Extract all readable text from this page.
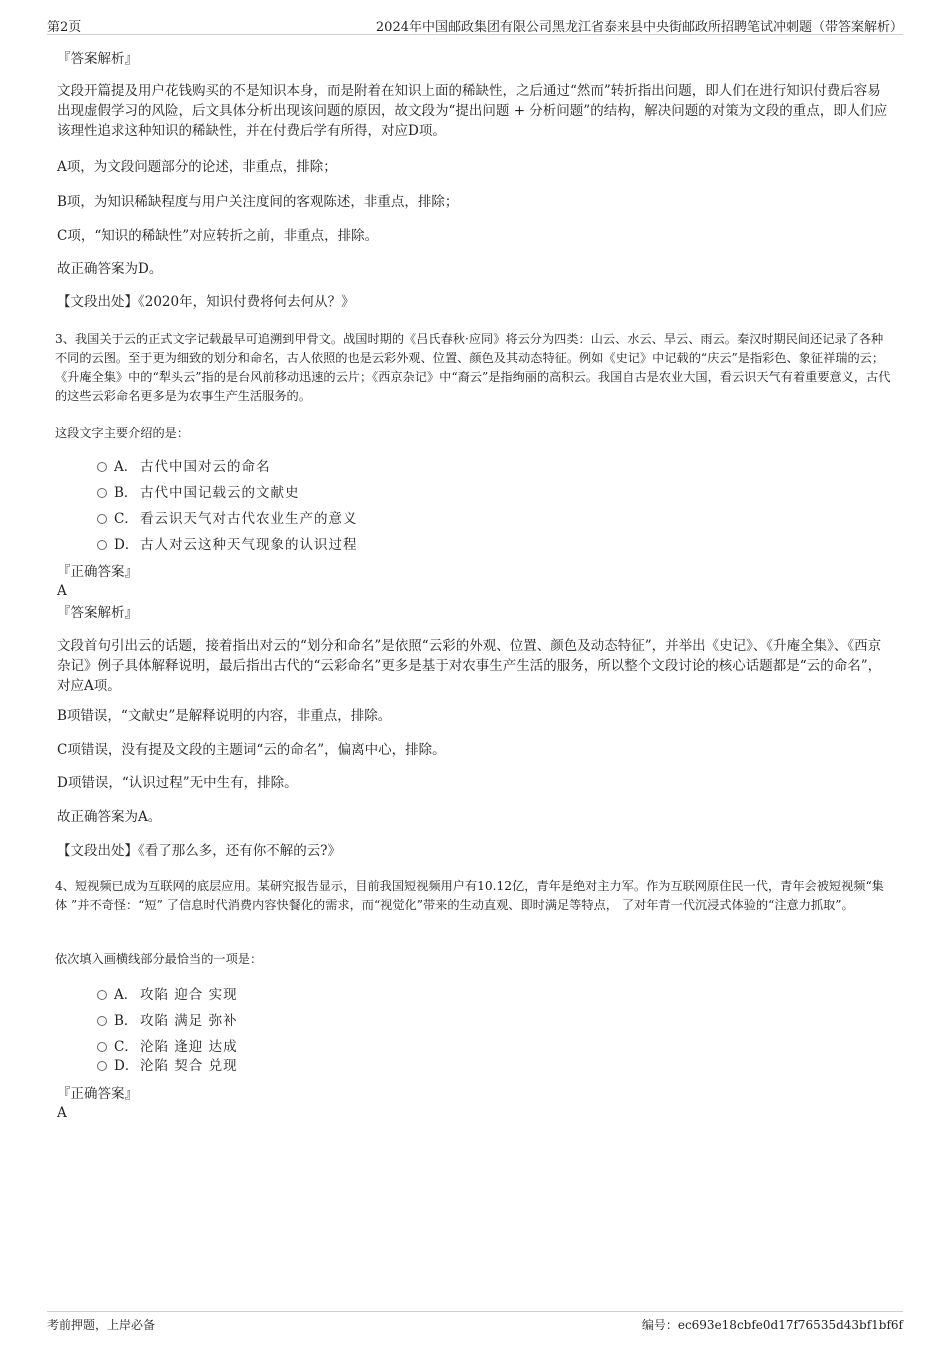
第2页	2024年中国邮政集团有限公司黑龙江省泰来县中央街邮政所招聘笔试冲刺题（带答案解析）

『答案解析』

文段开篇提及用户花钱购买的不是知识本身，而是附着在知识上面的稀缺性，之后通过“然而”转折指出问题，即人们在进行知识付费后容易出现虚假学习的风险，后文具体分析出现该问题的原因，故文段为“提出问题 + 分析问题”的结构，解决问题的对策为文段的重点，即人们应该理性追求这种知识的稀缺性，并在付费后学有所得，对应D项。

A项，为文段问题部分的论述，非重点，排除；

B项，为知识稀缺程度与用户关注度间的客观陈述，非重点，排除；

C项，“知识的稀缺性”对应转折之前，非重点，排除。

故正确答案为D。

【文段出处】《2020年，知识付费将何去何从？》

3、我国关于云的正式文字记载最早可追溯到甲骨文。战国时期的《吕氏春秋·应同》将云分为四类：山云、水云、旱云、雨云。秦汉时期民间还记录了各种不同的云图。至于更为细致的划分和命名，古人依照的也是云彩外观、位置、颜色及其动态特征。例如《史记》中记载的“庆云”是指彩色、象征祥瑞的云；《升庵全集》中的“犁头云”指的是台风前移动迅速的云片；《西京杂记》中“裔云”是指绚丽的高积云。我国自古是农业大国，看云识天气有着重要意义，古代的这些云彩命名更多是为农事生产生活服务的。

这段文字主要介绍的是：

A． 古代中国对云的命名
B． 古代中国记载云的文献史
C． 看云识天气对古代农业生产的意义
D． 古人对云这种天气现象的认识过程

『正确答案』

A

『答案解析』

文段首句引出云的话题，接着指出对云的“划分和命名”是依照“云彩的外观、位置、颜色及动态特征”，并举出《史记》、《升庵全集》、《西京杂记》例子具体解释说明，最后指出古代的“云彩命名”更多是基于对农事生产生活的服务，所以整个文段讨论的核心话题都是“云的命名”，对应A项。

B项错误，“文献史”是解释说明的内容，非重点，排除。

C项错误，没有提及文段的主题词“云的命名”，偏离中心，排除。

D项错误，“认识过程”无中生有，排除。

故正确答案为A。

【文段出处】《看了那么多，还有你不解的云?》

4、短视频已成为互联网的底层应用。某研究报告显示，目前我国短视频用户有10.12亿，青年是绝对主力军。作为互联网原住民一代，青年会被短视频“集体 ”并不奇怪：“短” 了信息时代消费内容快餐化的需求，而“视觉化”带来的生动直观、即时满足等特点， 了对年青一代沉浸式体验的“注意力抓取”。

依次填入画横线部分最恰当的一项是：

A． 攻陷 迎合 实现
B． 攻陷 满足 弥补
C． 沦陷 逢迎 达成
D． 沦陷 契合 兑现

『正确答案』

A

考前押题，上岸必备	编号：ec693e18cbfe0d17f76535d43bf1bf6f
